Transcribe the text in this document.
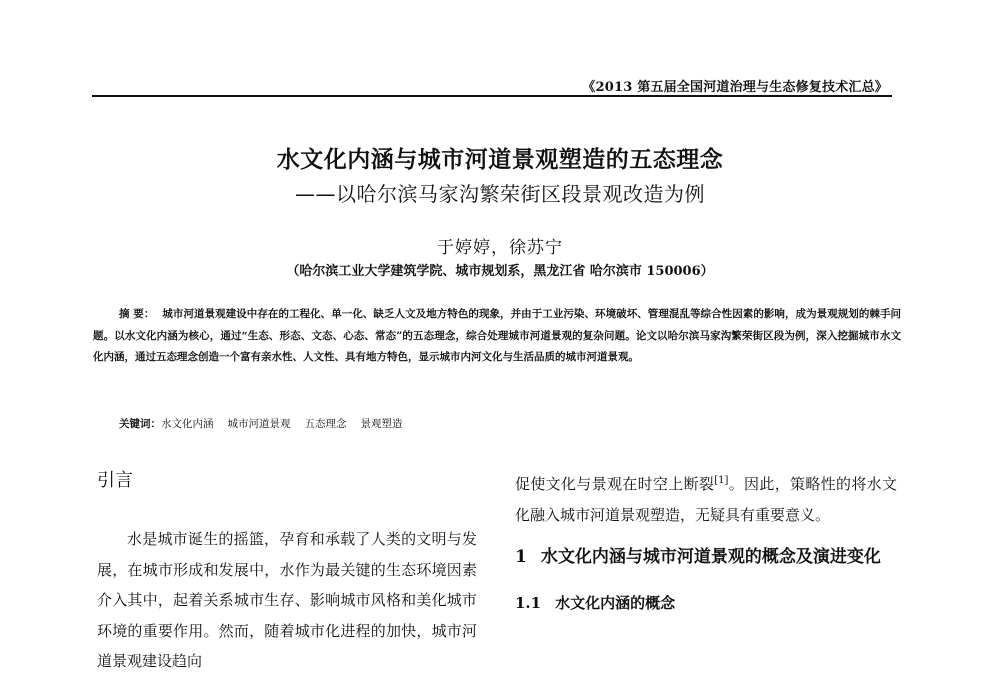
《2013 第五届全国河道治理与生态修复技术汇总》
水文化内涵与城市河道景观塑造的五态理念
——以哈尔滨马家沟繁荣街区段景观改造为例
于婷婷，徐苏宁
（哈尔滨工业大学建筑学院、城市规划系，黑龙江省 哈尔滨市 150006）
摘 要： 城市河道景观建设中存在的工程化、单一化、缺乏人文及地方特色的现象，并由于工业污染、环境破坏、管理混乱等综合性因素的影响，成为景观规划的棘手问题。以水文化内涵为核心，通过“生态、形态、文态、心态、常态”的五态理念，综合处理城市河道景观的复杂问题。论文以哈尔滨马家沟繁荣街区段为例，深入挖掘城市水文化内涵，通过五态理念创造一个富有亲水性、人文性、具有地方特色，显示城市内河文化与生活品质的城市河道景观。
关键词：水文化内涵 城市河道景观 五态理念 景观塑造
引言

水是城市诞生的摇篮，孕育和承载了人类的文明与发展，在城市形成和发展中，水作为最关键的生态环境因素介入其中，起着关系城市生存、影响城市风格和美化城市环境的重要作用。然而，随着城市化进程的加快，城市河道景观建设趋向

促使文化与景观在时空上断裂[1]。因此，策略性的将水文化融入城市河道景观塑造，无疑具有重要意义。

1 水文化内涵与城市河道景观的概念及演进变化
1.1 水文化内涵的概念
